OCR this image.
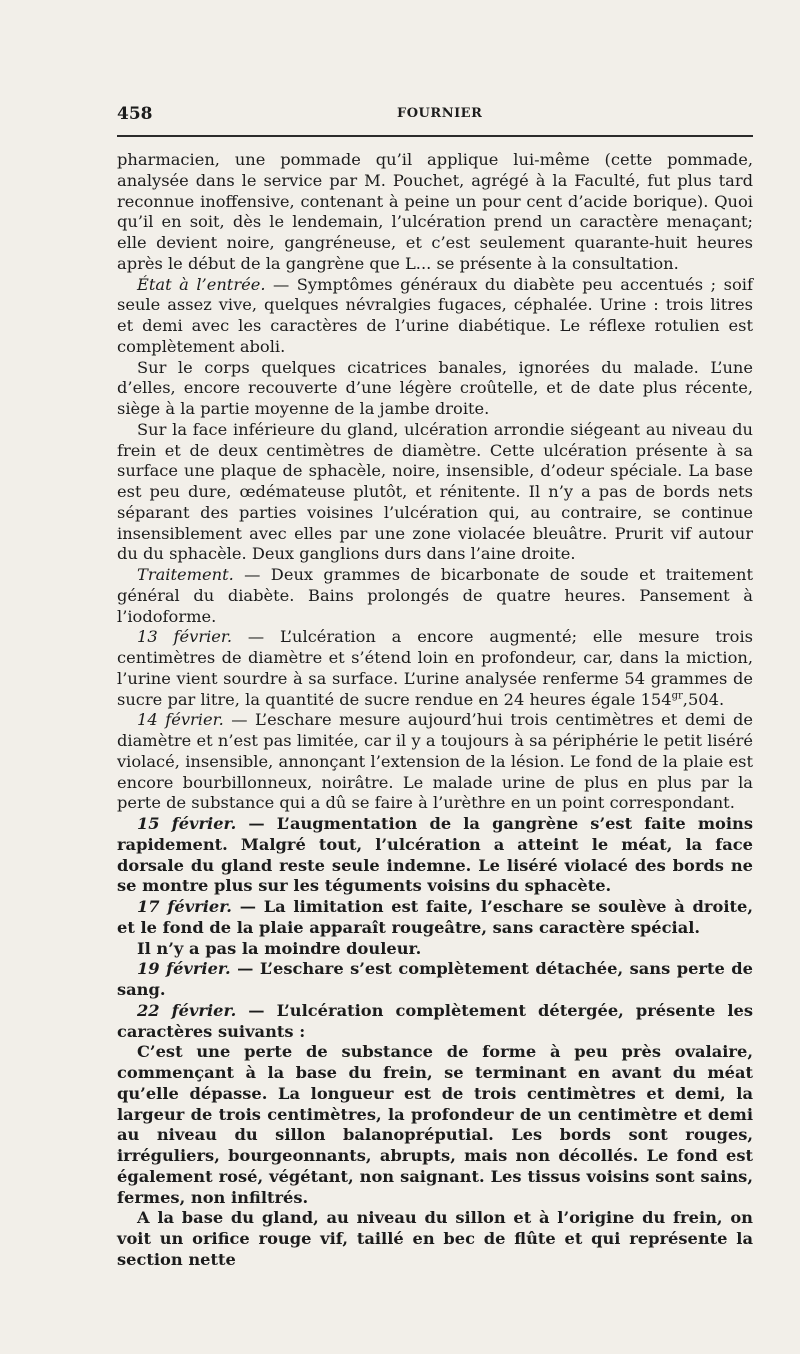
458	FOURNIER

pharmacien, une pommade qu’il applique lui-même (cette pommade, analysée dans le service par M. Pouchet, agrégé à la Faculté, fut plus tard reconnue inoffensive, contenant à peine un pour cent d’acide borique). Quoi qu’il en soit, dès le lendemain, l’ulcération prend un caractère menaçant; elle devient noire, gangréneuse, et c’est seulement quarante-huit heures après le début de la gangrène que L... se présente à la consultation.

État à l’entrée. — Symptômes généraux du diabète peu accentués ; soif seule assez vive, quelques névralgies fugaces, céphalée. Urine : trois litres et demi avec les caractères de l’urine diabétique. Le réflexe rotulien est complètement aboli.

Sur le corps quelques cicatrices banales, ignorées du malade. L’une d’elles, encore recouverte d’une légère croûtelle, et de date plus récente, siège à la partie moyenne de la jambe droite.

Sur la face inférieure du gland, ulcération arrondie siégeant au niveau du frein et de deux centimètres de diamètre. Cette ulcération présente à sa surface une plaque de sphacèle, noire, insensible, d’odeur spéciale. La base est peu dure, œdémateuse plutôt, et rénitente. Il n’y a pas de bords nets séparant des parties voisines l’ulcération qui, au contraire, se continue insensiblement avec elles par une zone violacée bleuâtre. Prurit vif autour du du sphacèle. Deux ganglions durs dans l’aine droite.

Traitement. — Deux grammes de bicarbonate de soude et traitement général du diabète. Bains prolongés de quatre heures. Pansement à l’iodoforme.

13 février. — L’ulcération a encore augmenté; elle mesure trois centimètres de diamètre et s’étend loin en profondeur, car, dans la miction, l’urine vient sourdre à sa surface. L’urine analysée renferme 54 grammes de sucre par litre, la quantité de sucre rendue en 24 heures égale $154^{gr},504$.

14 février. — L’eschare mesure aujourd’hui trois centimètres et demi de diamètre et n’est pas limitée, car il y a toujours à sa périphérie le petit liséré violacé, insensible, annonçant l’extension de la lésion. Le fond de la plaie est encore bourbillonneux, noirâtre. Le malade urine de plus en plus par la perte de substance qui a dû se faire à l’urèthre en un point correspondant.

15 février. — L’augmentation de la gangrène s’est faite moins rapidement. Malgré tout, l’ulcération a atteint le méat, la face dorsale du gland reste seule indemne. Le liséré violacé des bords ne se montre plus sur les téguments voisins du sphacète.

17 février. — La limitation est faite, l’eschare se soulève à droite, et le fond de la plaie apparaît rougeâtre, sans caractère spécial.

Il n’y a pas la moindre douleur.

19 février. — L’eschare s’est complètement détachée, sans perte de sang.

22 février. — L’ulcération complètement détergée, présente les caractères suivants :

C’est une perte de substance de forme à peu près ovalaire, commençant à la base du frein, se terminant en avant du méat qu’elle dépasse. La longueur est de trois centimètres et demi, la largeur de trois centimètres, la profondeur de un centimètre et demi au niveau du sillon balanopréputial. Les bords sont rouges, irréguliers, bourgeonnants, abrupts, mais non décollés. Le fond est également rosé, végétant, non saignant. Les tissus voisins sont sains, fermes, non infiltrés.

A la base du gland, au niveau du sillon et à l’origine du frein, on voit un orifice rouge vif, taillé en bec de flûte et qui représente la section nette
